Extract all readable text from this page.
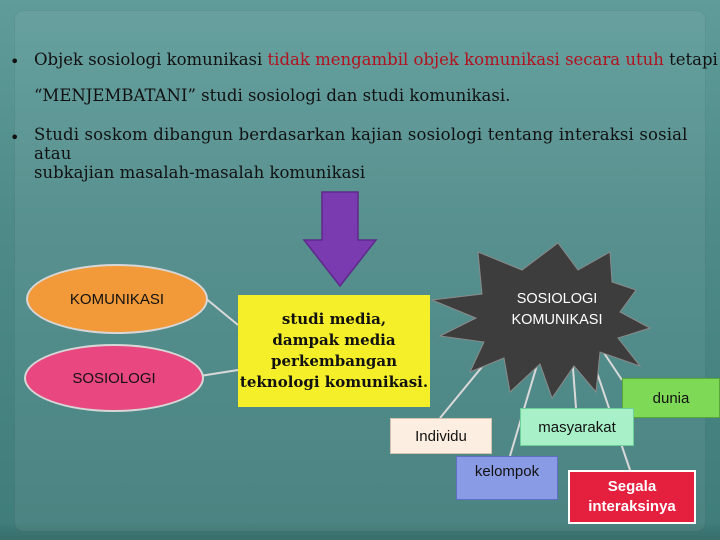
• Objek sosiologi komunikasi tidak mengambil objek komunikasi secara utuh tetapi
“MENJEMBATANI” studi sosiologi dan studi komunikasi.
• Studi soskom dibangun berdasarkan kajian sosiologi tentang interaksi sosial atau
subkajian masalah-masalah komunikasi
KOMUNIKASI
SOSIOLOGI
studi media,
dampak media
perkembangan
teknologi komunikasi.
SOSIOLOGI
KOMUNIKASI
dunia
Individu
masyarakat
kelompok
Segala
interaksinya
